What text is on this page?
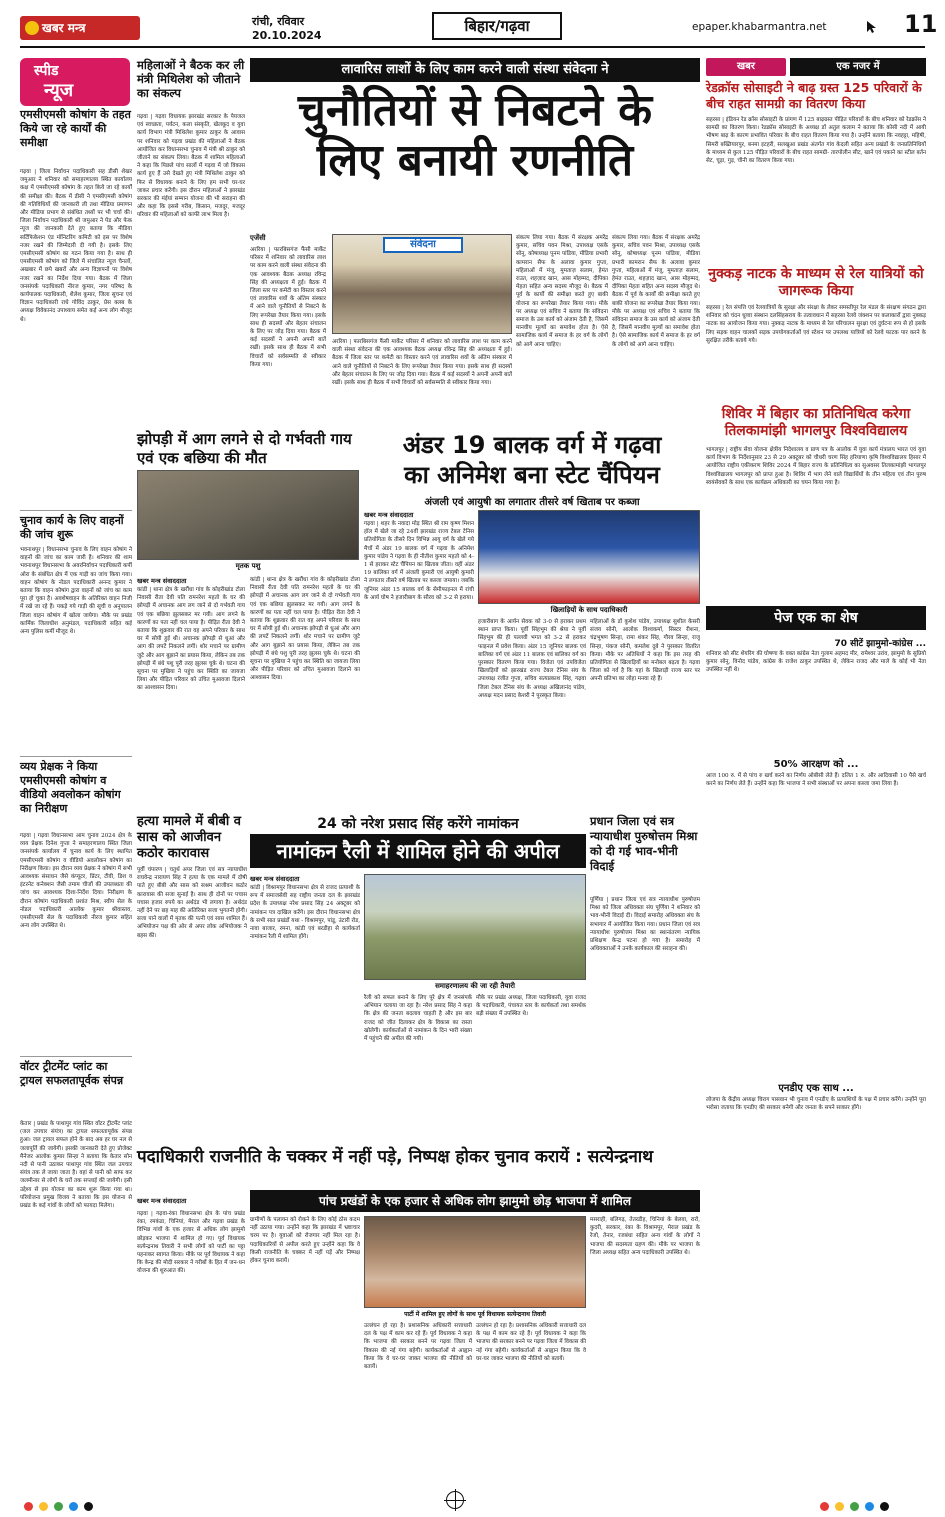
खबर मन्त्र	रांची, रविवार
20.10.2024
बिहार/गढ़वा	epaper.khabarmantra.net	11
स्पीड
न्यूज
एमसीएमसी कोषांग के तहत किये जा रहे कार्यों की समीक्षा
गढ़वा | जिला निर्वाचन पदाधिकारी सह डीसी शेखर जमुआर ने शनिवार को समाहरणालय स्थित कार्यालय कक्ष में एमसीएमसी कोषांग के तहत किये जा रहे कार्यों की समीक्षा की। बैठक में डीसी ने एमसीएमसी कोषांग की गतिविधियों की जानकारी ली तथा मीडिया प्रमाणन और मीडिया प्रभाग से संबंधित तथ्यों पर भी चर्चा की। जिला निर्वाचन पदाधिकारी श्री जमुआर ने पेड और फेक न्यूज की जानकारी देते हुए बताया कि मीडिया सर्टिफिकेशन एंड मॉनिटरिंग कमिटी को इस पर विशेष नजर रखने की जिम्मेदारी दी गयी है। इसके लिए एमसीएमसी कोषांग का गठन किया गया है। साथ ही एमसीएमसी कोषांग को जिले में संचालित न्यूज चैनलों, अखबार में छपे खबरों और अन्य विज्ञापनों पर विशेष नजर रखने का निर्देश दिया गया। बैठक में जिला जनसंपर्क पदाधिकारी नीरज कुमार, नगर परिषद के कार्यपालक पदाधिकारी, शैलेश कुमार, जिला सूचना एवं विज्ञान पदाधिकारी राधे गोविंद ठाकुर, प्रेस क्लब के अध्यक्ष विवेकानंद उपाध्याय समेत कई अन्य लोग मौजूद थे।
चुनाव कार्य के लिए वाहनों की जांच शुरू
भवनाथपुर | विधानसभा चुनाव के लिए वाहन कोषांग ने वाहनों की जांच का काम जारी है। शनिवार की शाम भवनाथपुर विधानसभा के अवरनिर्वाचन पदाधिकारी कर्पी ओरा के संबंधित क्षेत्र में एक गाड़ी का जांच किया गया। वाहन कोषांग के नोडल पदाधिकारी अनन्द कुमार ने बताया कि वाहन कोषांग द्वारा वाहनों को जांच का काम पूरा हो चुका है। अवशेषवाहन के अतिरिक्त वाहन निजी में रखे जा रहे हैं। पकड़े गये गाड़ी की सूची व अनुपालन जिला वाहन कोषांग में खोला जायेगा। मौके पर प्रखंड कार्मिक जिलाधीश अनुमंडल, पदाधिकारी सहित कई अन्य पुलिस कर्मी मौजूद थे।
व्यय प्रेक्षक ने किया एमसीएमसी कोषांग व वीडियो अवलोकन कोषांग का निरीक्षण
गढ़वा | गढ़वा विधानसभा आम चुनाव 2024 क्षेत्र के व्यय प्रेक्षक दिनेश गुप्ता ने समाहरणालय स्थित जिला जनसंपर्क कार्यालय में चुनाव कार्य के लिए स्थापित एमसीएमसी कोषांग व वीडियो अवलोकन कोषांग का निरीक्षण किया। इस दौरान व्यय प्रेक्षक ने कोषांग में सभी आवश्यक संसाधन जैसे कंप्यूटर, प्रिंटर, टीवी, डिश व इंटरनेट कनेक्शन जैसी तमाम चीजों की उपलब्धता की जांच कर आवश्यक दिशा-निर्देश दिया। निरीक्षण के दौरान कोषांग पदाधिकारी प्रशांत मिश्र, स्वीप सेल के नोडल पदाधिकारी आलोक कुमार श्रीवास्तव, एमसीएमसी सेल के पदाधिकारी नीरज कुमार सहित अन्य लोग उपस्थित थे।
वॉटर ट्रीटमेंट प्लांट का ट्रायल सफलतापूर्वक संपन्न
केतार | प्रखंड के पाथापुर गांव स्थित वॉटर ट्रीटमेंट प्लांट (जल उपचार संयंत्र) का ट्रायल सफलतापूर्वक संपन्न हुआ। जल ट्रायल सफल होने के बाद अब हर घर नल से जलापूर्ति की जायेगी। इसकी जानकारी देते हुए प्रोजेक्ट मैनेजर आलोक कुमार सिन्हा ने बताया कि केतार सोन नदी से पानी उठाकर पाथापुर गांव स्थित जल उपचार संयंत्र तक ले जाया जाता है। वहां से पानी को साफ कर जलमीनार से लोगों के घरों तक सप्लाई की जायेगी। इसी उद्देश्य से इस योजना का काम शुरू किया गया था। परियोजना प्रमुख विजय ने बताया कि इस योजना से प्रखंड के कई गांवों के लोगों को फायदा मिलेगा।
महिलाओं ने बैठक कर ली मंत्री मिथिलेश को जीताने का संकल्प
गढ़वा | गढ़वा विधायक झारखंड सरकार के पेयजल एवं स्वच्छता, पर्यटन, कला संस्कृति, खेलकूद व युवा कार्य विभाग मंत्री मिथिलेश कुमार ठाकुर के आवास पर शनिवार को गढ़वा प्रखंड की महिलाओं ने बैठक आयोजित कर विधानसभा चुनाव में मंत्री श्री ठाकुर को जीताने का संकल्प लिया। बैठक में शामिल महिलाओं ने कहा कि पिछले पांच सालों में गढ़वा में जो विकास कार्य हुए हैं उसे देखते हुए मंत्री मिथिलेश ठाकुर को फिर से विधायक बनाने के लिए हम सभी घर-घर जाकर प्रचार करेंगी। इस दौरान महिलाओं ने झारखंड सरकार की मंईयां सम्मान योजना की भी सराहना की और कहा कि इससे गरीब, किसान, मजदूर, मजदूर परिवार की महिलाओं को काफी लाभ मिला है।
लावारिस लाशों के लिए काम करने वाली संस्था संवेदना ने
चुनौतियों से निबटने के
लिए बनायी रणनीति
एजेंसी
अररिया | फारबिसगंज फैंसी मार्केट परिसर में शनिवार को लावारिस लाश पर काम करने वाली संस्था संवेदना की एक आवश्यक बैठक अध्यक्ष रविन्द्र सिंह की अध्यक्षता में हुई। बैठक में जिला स्तर पर कमेटी का विस्तार करने एवं लावारिस शवों के अंतिम संस्कार में आने वाले चुनौतियों से निबटने के लिए रूपरेखा तैयार किया गया। इसके साथ ही सदस्यों और बेहतर संचालन के लिए पर जोड़ दिया गया। बैठक में कई सदस्यों ने अपनी अपनी बातें रखीं। इसके साथ ही बैठक में सभी विचारों को सर्वसम्मति से स्वीकार किया गया।
संवेदना
अररिया | फारबिसगंज फैंसी मार्केट परिसर में शनिवार को लावारिस लाश पर काम करने वाली संस्था संवेदना की एक आवश्यक बैठक अध्यक्ष रविन्द्र सिंह की अध्यक्षता में हुई। बैठक में जिला स्तर पर कमेटी का विस्तार करने एवं लावारिस शवों के अंतिम संस्कार में आने वाले चुनौतियों से निबटने के लिए रूपरेखा तैयार किया गया। इसके साथ ही सदस्यों और बेहतर संचालन के लिए पर जोड़ दिया गया। बैठक में कई सदस्यों ने अपनी अपनी बातें रखीं। इसके साथ ही बैठक में सभी विचारों को सर्वसम्मति से स्वीकार किया गया।
संकल्प लिया गया। बैठक में संरक्षक अमरेंद्र कुमार, सचिव पवन मिश्रा, उपाध्यक्ष एसके सोनू, कोषाध्यक्ष पूनम पांडिया, मीडिया प्रभारी कामरान सैफ के अलावा कुमार गुप्ता, महिलाओं में मंजू, मुमताज़ सलाम, हेमंत राउत, शहज़ाद खान, आस मोहम्मद, दीपिका मेहता सहित अन्य सदस्य मौजूद थे। बैठक में पूर्व के कार्यों की समीक्षा करते हुए बाकी योजना का रूपरेखा तैयार किया गया। मौके पर अध्यक्ष एवं सचिव ने बताया कि संविदना समाज के उस कार्य को अंजाम देती है, जिसमें मानवीय मूल्यों का समावेश होता है। ऐसे सामाजिक कार्य में समाज के हर वर्ग के लोगों को आगे आना चाहिए।
संकल्प लिया गया। बैठक में संरक्षक अमरेंद्र कुमार, सचिव पवन मिश्रा, उपाध्यक्ष एसके सोनू, कोषाध्यक्ष पूनम पांडिया, मीडिया प्रभारी कामरान सैफ के अलावा कुमार गुप्ता, महिलाओं में मंजू, मुमताज़ सलाम, हेमंत राउत, शहज़ाद खान, आस मोहम्मद, दीपिका मेहता सहित अन्य सदस्य मौजूद थे। बैठक में पूर्व के कार्यों की समीक्षा करते हुए बाकी योजना का रूपरेखा तैयार किया गया। मौके पर अध्यक्ष एवं सचिव ने बताया कि संविदना समाज के उस कार्य को अंजाम देती है, जिसमें मानवीय मूल्यों का समावेश होता है। ऐसे सामाजिक कार्य में समाज के हर वर्ग के लोगों को आगे आना चाहिए।
झोपड़ी में आग लगने से दो गर्भवती गाय एवं एक बछिया की मौत
मृतक पशु
खबर मन्त्र संवाददाता
कांडी | थाना क्षेत्र के खरौंधा गांव के कोइरीखांड टोला निवासी रीता देवी पति रामनरेश महतो के घर की झोपड़ी में अचानक आग लग जाने से दो गर्भवती गाय एवं एक बछिया झुलसकर मर गयी। आग लगने के कारणों का पता नहीं चल पाया है। पीड़ित रीता देवी ने बताया कि शुक्रवार की रात वह अपने परिवार के साथ घर में सोयी हुई थी। अचानक झोपड़ी से धुआं और आग की लपटें निकलने लगीं। शोर मचाने पर ग्रामीण जुटे और आग बुझाने का प्रयास किया, लेकिन तब तक झोपड़ी में बंधे पशु पूरी तरह झुलस चुके थे। घटना की सूचना पर मुखिया ने पहुंच कर स्थिति का जायजा लिया और पीड़ित परिवार को उचित मुआवजा दिलाने का आश्वासन दिया।
कांडी | थाना क्षेत्र के खरौंधा गांव के कोइरीखांड टोला निवासी रीता देवी पति रामनरेश महतो के घर की झोपड़ी में अचानक आग लग जाने से दो गर्भवती गाय एवं एक बछिया झुलसकर मर गयी। आग लगने के कारणों का पता नहीं चल पाया है। पीड़ित रीता देवी ने बताया कि शुक्रवार की रात वह अपने परिवार के साथ घर में सोयी हुई थी। अचानक झोपड़ी से धुआं और आग की लपटें निकलने लगीं। शोर मचाने पर ग्रामीण जुटे और आग बुझाने का प्रयास किया, लेकिन तब तक झोपड़ी में बंधे पशु पूरी तरह झुलस चुके थे। घटना की सूचना पर मुखिया ने पहुंच कर स्थिति का जायजा लिया और पीड़ित परिवार को उचित मुआवजा दिलाने का आश्वासन दिया।
अंडर 19 बालक वर्ग में गढ़वा
का अनिमेश बना स्टेट चैंपियन
अंजली एवं आयुषी का लगातार तीसरे वर्ष खिताब पर कब्जा
खबर मन्त्र संवाददाता
गढ़वा | शहर के नवादा मोड़ स्थित श्री राम कृष्ण मिशन हॉल में खेले जा रहे 24वीं झारखंड राज्य टेबल टेनिस प्रतियोगिता के तीसरे दिन विभिन्न आयु वर्ग के खेले गये मैचों में अंडर 19 बालक वर्ग में गढ़वा के अनिमेश कुमार पांडेय ने गढ़वा के ही नीतीश कुमार महतो को 4-1 से हराकर स्टेट चैंपियन का खिताब जीता। वहीं अंडर 19 बालिका वर्ग में अंजली कुमारी एवं आयुषी कुमारी ने लगातार तीसरे वर्ष खिताब पर कब्जा जमाया। जबकि जूनियर अंडर 15 बालक वर्ग के सेमीफाइनल में रांची के आर्य घोष ने हजारीबाग के सौरव को 3-2 से हराया।
खिलाड़ियों के साथ पदाधिकारी
हजारीबाग के आर्यन सेवक को 3-0 से हराकर प्रथम स्थान प्राप्त किया। पूर्वी सिंहभूम की श्रेया ने पूर्वी सिंहभूम की ही पल्लवी भगत को 3-2 से हराकर फाइनल में प्रवेश किया। अंडर 15 जूनियर बालक एवं बालिका वर्ग एवं अंडर 11 बालक एवं बालिका वर्ग का पुरस्कार वितरण किया गया। विजेता एवं उपविजेता खिलाड़ियों को झारखंड राज्य टेबल टेनिस संघ के उपाध्यक्ष रंजीत गुप्ता, सचिव सत्यप्रकाश सिंह, गढ़वा जिला टेबल टेनिस संघ के अध्यक्ष अखिलानंद पांडेय, अध्यक्ष मदन प्रसाद केशरी ने पुरस्कृत किया।
महिलाओं के डॉ कुशेश पांडेय, उपाध्यक्ष सुशील केसरी संजय सोनी, आलोक विश्वकर्मा, सिस्टर रीशना, चंद्रभूषण सिन्हा, रामा शंकर सिंह, गौरव सिन्हा, राजू सिन्हा, पंकज सोनी, कमलेश दुबे ने पुरस्कार वितरित किया। मौके पर अतिथियों ने कहा कि इस तरह की प्रतियोगिता से खिलाड़ियों का मनोबल बढ़ता है। गढ़वा जिला को गर्व है कि यहां के खिलाड़ी राज्य स्तर पर अपनी प्रतिभा का लोहा मनवा रहे हैं।
हत्या मामले में बीबी व सास को आजीवन कठोर कारावास
पूर्वी चंपारण | चतुर्थ अपर जिला एवं सत्र न्यायाधीश राघवेन्द्र नारायण सिंह ने हत्या के एक मामले में दोषी पाते हुए बीबी और सास को सश्रम आजीवन कठोर कारावास की सजा सुनाई है। साथ ही दोनों पर पचास पचास हजार रुपये का अर्थदंड भी लगाया है। अर्थदंड नहीं देने पर छह माह की अतिरिक्त सजा भुगतनी होगी। सजा पाने वालों में मृतक की पत्नी एवं सास शामिल हैं। अभियोजन पक्ष की ओर से अपर लोक अभियोजक ने बहस की।
24 को नरेश प्रसाद सिंह करेंगे नामांकन
नामांकन रैली में शामिल होने की अपील
खबर मन्त्र संवाददाता
कांडी | विश्रामपुर विधानसभा क्षेत्र से राजद प्रत्याशी के रूप में समाजसेवी सह राष्ट्रीय जनता दल के झारखंड प्रदेश के उपाध्यक्ष नरेश प्रसाद सिंह 24 अक्टूबर को नामांकन पत्र दाखिल करेंगे। इस दौरान विधानसभा क्षेत्र के सभी सात प्रखंडों यथा - विश्रामपुर, पांडू, उंटारी रोड, नावा बाजार, रमना, कांडी एवं बरडीहा से कार्यकर्ता नामांकन रैली में शामिल होंगे।
समाहरणालय की जा रही तैयारी
रैली को सफल बनाने के लिए पूरे क्षेत्र में जनसंपर्क अभियान चलाया जा रहा है। नरेश प्रसाद सिंह ने कहा कि क्षेत्र की जनता बदलाव चाहती है और इस बार राजद को जीत दिलाकर क्षेत्र के विकास का रास्ता खोलेगी। कार्यकर्ताओं से नामांकन के दिन भारी संख्या में पहुंचने की अपील की गयी।
मौके पर प्रखंड अध्यक्ष, जिला पदाधिकारी, युवा राजद के पदाधिकारी, पंचायत स्तर के कार्यकर्ता तथा समर्थक बड़ी संख्या में उपस्थित थे।
प्रधान जिला एवं सत्र न्यायाधीश पुरुषोत्तम मिश्रा को दी गई भाव-भीनी विदाई
पूर्णिया | प्रधान जिला एवं सत्र न्यायाधीश पुरुषोत्तम मिश्रा को जिला अधिवक्ता संघ पूर्णिया ने शनिवार को भाव-भीनी विदाई दी। विदाई समारोह अधिवक्ता संघ के सभागार में आयोजित किया गया। प्रधान जिला एवं सत्र न्यायाधीश पुरुषोत्तम मिश्रा का स्थानांतरण न्यायिक प्रशिक्षण केन्द्र पटना हो गया है। समारोह में अधिवक्ताओं ने उनके कार्यकाल की सराहना की।
पदाधिकारी राजनीति के चक्कर में नहीं पड़े, निष्पक्ष होकर चुनाव करायें : सत्येन्द्रनाथ
खबर मन्त्र संवाददाता	पांच प्रखंडों के एक हजार से अधिक लोग झामुमो छोड़ भाजपा में शामिल
गढ़वा | गढ़वा-रंका विधानसभा क्षेत्र के पांच प्रखंड रंका, रमकंडा, चिनियां, मेराल और गढ़वा प्रखंड के विभिन्न गांवों के एक हजार से अधिक लोग झामुमो छोड़कर भाजपा में शामिल हो गए। पूर्व विधायक सत्येन्द्रनाथ तिवारी ने सभी लोगों को पार्टी का पट्टा पहनाकर स्वागत किया। मौके पर पूर्व विधायक ने कहा कि केन्द्र की मोदी सरकार ने गरीबों के हित में जन-धन योजना की शुरुआत की।
ग्रामीणों के पलायन को रोकने के लिए कोई ठोस कदम नहीं उठाया गया। उन्होंने कहा कि झारखंड में भ्रष्टाचार चरम पर है। युवाओं को रोजगार नहीं मिल रहा है। पदाधिकारियों से अपील करते हुए उन्होंने कहा कि वे किसी राजनीति के चक्कर में नहीं पड़ें और निष्पक्ष होकर चुनाव करायें।
पार्टी में शामिल हुए लोगों के साथ पूर्व विधायक सत्येन्द्रनाथ तिवारी
उल्लंघन हो रहा है। प्रशासनिक अधिकारी सत्ताधारी दल के पक्ष में काम कर रहे हैं। पूर्व विधायक ने कहा कि भाजपा की सरकार बनने पर गढ़वा जिला में विकास की नई गंगा बहेगी। कार्यकर्ताओं से आह्वान किया कि वे घर-घर जाकर भाजपा की नीतियों को बतायें।
उल्लंघन हो रहा है। प्रशासनिक अधिकारी सत्ताधारी दल के पक्ष में काम कर रहे हैं। पूर्व विधायक ने कहा कि भाजपा की सरकार बनने पर गढ़वा जिला में विकास की नई गंगा बहेगी। कार्यकर्ताओं से आह्वान किया कि वे घर-घर जाकर भाजपा की नीतियों को बतायें।
मसराही, बलिगढ़, तेतरडीह, चिनियां के बेलवा, रारो, कुदरी, सरकार, रंका के विश्रामपुर, मेराल प्रखंड के रेजो, तेनार, रजबंधा सहित अन्य गांवों के लोगों ने भाजपा की सदस्यता ग्रहण की। मौके पर भाजपा के जिला अध्यक्ष सहित अन्य पदाधिकारी उपस्थित थे।
खबर	एक नजर में
रेडक्रॉस सोसाइटी ने बाढ़ ग्रस्त 125 परिवारों के बीच राहत सामग्री का वितरण किया
सहरसा | इंडियन रेड क्रॉस सोसाइटी के प्रांगण में 125 बाढ़ग्रस्त पीड़ित परिवारों के बीच शनिवार को रेडक्रॉस ने सामग्री का वितरण किया। रेडक्रॉस सोसाइटी के अध्यक्ष डॉ अतुल कलाम ने बताया कि कोसी नदी में आयी भीषण बाढ़ के कारण प्रभावित परिवार के बीच राहत वितरण किया गया है। उन्होंने बताया कि नवहट्टा, महिषी, सिमरी बख्तियारपुर, बनमा इटहरी, सलखुआ प्रखंड अंतर्गत गांव केदली सहित अन्य प्रखंडों के जनप्रतिनिधियों के माध्यम से कुल 125 पीड़ित परिवारों के बीच राहत सामग्री- तारपोलीन सीट, खाने एवं पकाने का स्टील बर्तन सेट, चूड़ा, गुड़, चीनी का वितरण किया गया।
नुक्कड़ नाटक के माध्यम से रेल यात्रियों को जागरूक किया
सहरसा | रेल संपत्ति एवं रेलयात्रियों के सुरक्षा और संरक्षा के लेकर समस्तीपुर रेल मंडल के संरक्षण संगठन द्वारा शनिवार को चंदन धुव्वा संस्थान दलसिंहसराय के तत्वावधान में सहरसा रेलवे जंक्शन पर कलाकारों द्वारा नुक्कड़ नाटक का आयोजन किया गया। नुक्कड़ नाटक के माध्यम से रेल परिचालन सुरक्षा एवं दुर्घटना रूप से हो इसके लिए सड़क वाहन चालकों सड़क उपयोगकर्ताओं एवं स्टेशन पर उपलब्ध यात्रियों को रेलवे फाटक पार करने के सुरक्षित तरीके बताये गये।
शिविर में बिहार का प्रतिनिधित्व करेगा तिलकामांझी भागलपुर विश्वविद्यालय
भागलपुर | राष्ट्रीय सेवा योजना क्षेत्रीय निदेशालय व प्राण पत्र के आलोक में युवा कार्य मंत्रालय भारत एवं युवा कार्य विभाग के निर्देशानुसार 23 से 29 अक्टूबर को चौधरी चरण सिंह हरियाणा कृषि विश्वविद्यालय हिसार में आयोजित राष्ट्रीय एकीकरण शिविर 2024 में बिहार राज्य के प्रतिनिधित्व का सुअवसर तिलकामांझी भागलपुर विश्वविद्यालय भागलपुर को प्राप्त हुआ है। शिविर में भाग लेने वाले विद्यार्थियों के तीन महिला एवं तीन पुरुष स्वयंसेवकों के साथ एक कार्यक्रम अधिकारी का चयन किया गया है।
पेज एक का शेष
70 सीटें झामुमो-कांग्रेस ...
शनिवार को सीट शेयरिंग की घोषणा के वक्त कांग्रेस नेता गुलाम अहमद मीर, रामेश्वर उरांव, झामुमो के सुप्रियो कुमार सोनू, विनोद पांडेय, कांग्रेस के राजेश ठाकुर उपस्थित थे, लेकिन राजद और माले के कोई भी नेता उपस्थित नहीं थे।
50% आरक्षण को ...
आज 100 रु. में से पांच रु खर्च करने का निर्णय ओबीसी लेते हैं। दलित 1 रु. और आदिवासी 10 पैसे खर्च करने का निर्णय लेते हैं। उन्होंने कहा कि भाजपा ने सभी संस्थाओं पर अपना कब्जा जमा लिया है।
एनडीए एक साथ ...
लोजपा के केंद्रीय अध्यक्ष चिराग पासवान भी चुनाव में एनडीए के प्रत्याशियों के पक्ष में प्रचार करेंगे। उन्होंने पूरा भरोसा जताया कि एनडीए की सरकार बनेगी और जनता के सपने साकार होंगे।
